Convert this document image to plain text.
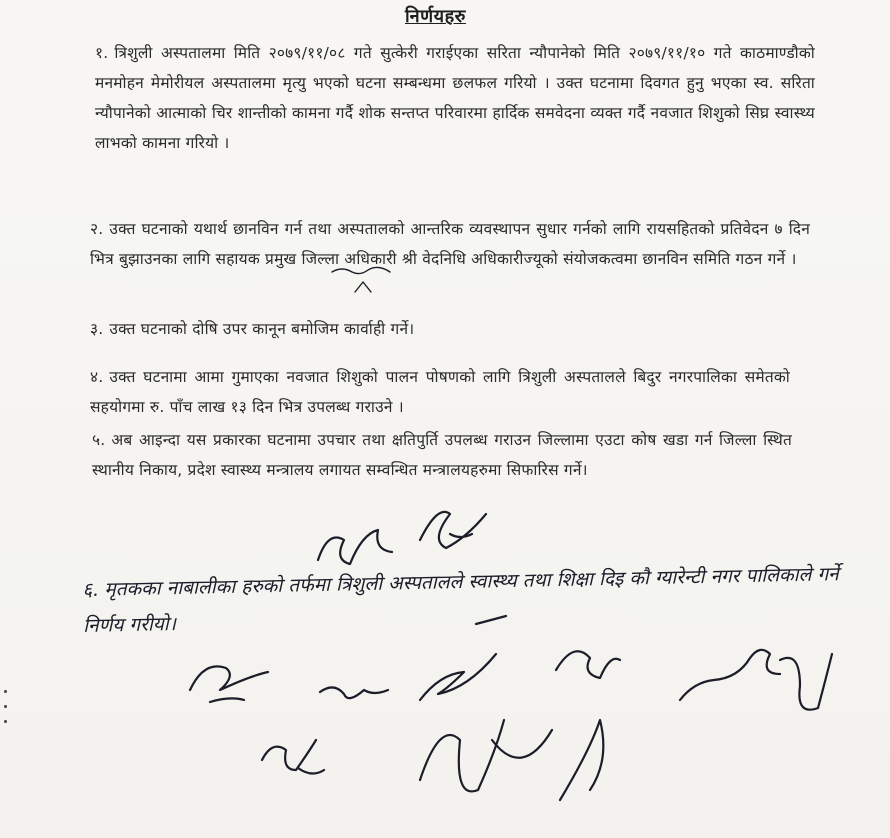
निर्णयहरु
१. त्रिशुली अस्पतालमा मिति २०७९/११/०८ गते सुत्केरी गराईएका सरिता न्यौपानेको मिति २०७९/११/१० गते काठमाण्डौको मनमोहन मेमोरीयल अस्पतालमा मृत्यु भएको घटना सम्बन्धमा छलफल गरियो । उक्त घटनामा दिवगत हुनु भएका स्व. सरिता न्यौपानेको आत्माको चिर शान्तीको कामना गर्दै शोक सन्तप्त परिवारमा हार्दिक समवेदना व्यक्त गर्दै नवजात शिशुको सिघ्र स्वास्थ्य लाभको कामना गरियो ।
२. उक्त घटनाको यथार्थ छानविन गर्न तथा अस्पतालको आन्तरिक व्यवस्थापन सुधार गर्नको लागि रायसहितको प्रतिवेदन ७ दिन भित्र बुझाउनका लागि सहायक प्रमुख जिल्ला अधिकारी श्री वेदनिधि अधिकारीज्यूको संयोजकत्वमा छानविन समिति गठन गर्ने ।
३. उक्त घटनाको दोषि उपर कानून बमोजिम कार्वाही गर्ने।
४. उक्त घटनामा आमा गुमाएका नवजात शिशुको पालन पोषणको लागि त्रिशुली अस्पतालले बिदुर नगरपालिका समेतको सहयोगमा रु. पाँच लाख १३ दिन भित्र उपलब्ध गराउने ।
५. अब आइन्दा यस प्रकारका घटनामा उपचार तथा क्षतिपुर्ति उपलब्ध गराउन जिल्लामा एउटा कोष खडा गर्न जिल्ला स्थित स्थानीय निकाय, प्रदेश स्वास्थ्य मन्त्रालय लगायत सम्वन्धित मन्त्रालयहरुमा सिफारिस गर्ने।
६. मृतकका नाबालीका हरुको तर्फमा त्रिशुली अस्पतालले स्वास्थ्य तथा शिक्षा दिइ कौ ग्यारेन्टी नगर पालिकाले गर्ने निर्णय गरीयो।
